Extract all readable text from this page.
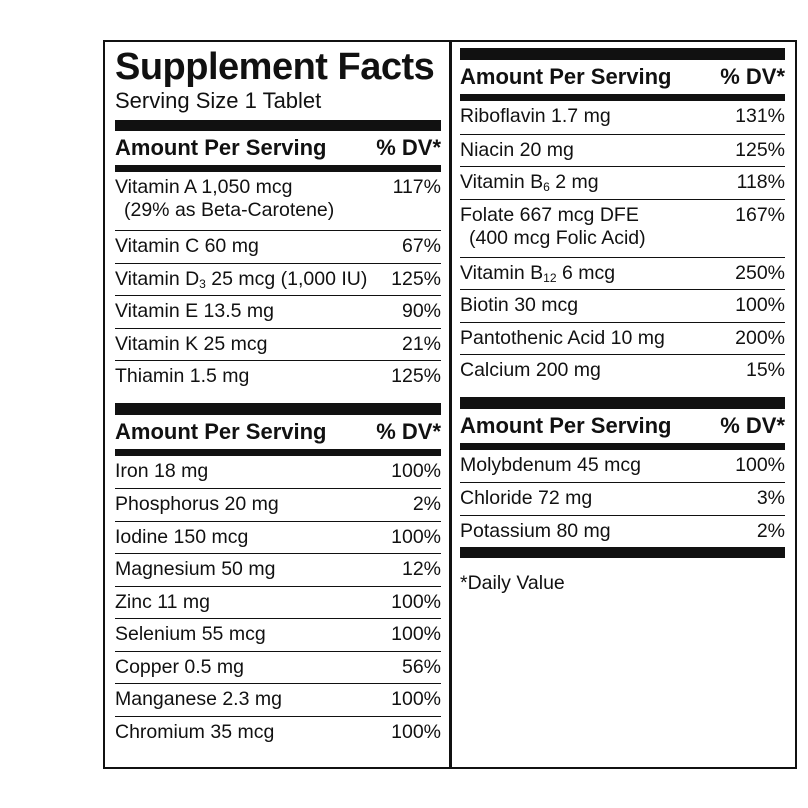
Supplement Facts
Serving Size 1 Tablet
Amount Per Serving % DV*
Vitamin A 1,050 mcg
(29% as Beta-Carotene)
117%
Vitamin C 60 mg	67%
Vitamin $D_3$ 25 mcg (1,000 IU) 125%
Vitamin E 13.5 mg	90%
Vitamin K 25 mcg	21%
Thiamin 1.5 mg	125%
Amount Per Serving % DV*
Iron 18 mg	100%
Phosphorus 20 mg	2%
Iodine 150 mcg	100%
Magnesium 50 mg	12%
Zinc 11 mg	100%
Selenium 55 mcg	100%
Copper 0.5 mg	56%
Manganese 2.3 mg	100%
Chromium 35 mcg	100%
Amount Per Serving % DV*
Riboflavin 1.7 mg	131%
Niacin 20 mg	125%
Vitamin $B_6$ 2 mg	118%
Folate 667 mcg DFE
(400 mcg Folic Acid)
167%
Vitamin $B_{12}$ 6 mcg	250%
Biotin 30 mcg	100%
Pantothenic Acid 10 mg	200%
Calcium 200 mg	15%
Amount Per Serving % DV*
Molybdenum 45 mcg	100%
Chloride 72 mg	3%
Potassium 80 mg	2%
*Daily Value
